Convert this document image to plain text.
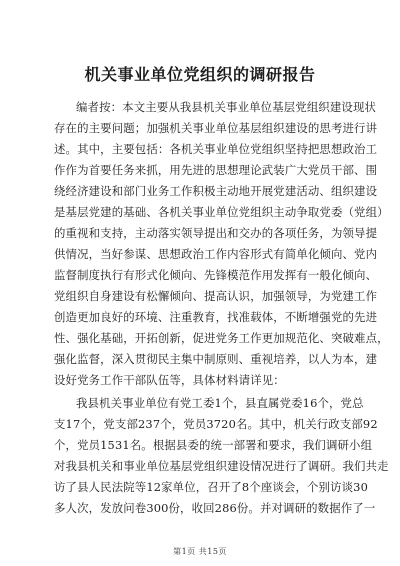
机关事业单位党组织的调研报告
编者按：本文主要从我县机关事业单位基层党组织建设现状
存在的主要问题；加强机关事业单位基层组织建设的思考进行讲
述。其中，主要包括：各机关事业单位党组织坚持把思想政治工
作作为首要任务来抓，用先进的思想理论武装广大党员干部、围
绕经济建设和部门业务工作积极主动地开展党建活动、组织建设
是基层党建的基础、各机关事业单位党组织主动争取党委（党组）
的重视和支持，主动落实领导提出和交办的各项任务，为领导提
供情况，当好参谋、思想政治工作内容形式有简单化倾向、党内
监督制度执行有形式化倾向、先锋模范作用发挥有一般化倾向、
党组织自身建设有松懈倾向、提高认识，加强领导，为党建工作
创造更加良好的环境、注重教育，找准载体，不断增强党的先进
性、强化基础，开拓创新，促进党务工作更加规范化、突破难点，
强化监督，深入贯彻民主集中制原则、重视培养，以人为本，建
设好党务工作干部队伍等，具体材料请详见：
我县机关事业单位有党工委1个，县直属党委16个，党总
支17个，党支部237个，党员3720名。其中，机关行政支部92
个，党员1531名。根据县委的统一部署和要求，我们调研小组
对我县机关和事业单位基层党组织建设情况进行了调研。我们共走
访了县人民法院等12家单位，召开了8个座谈会，个别访谈30
多人次，发放问卷300份，收回286份。并对调研的数据作了一
第1页 共15页
